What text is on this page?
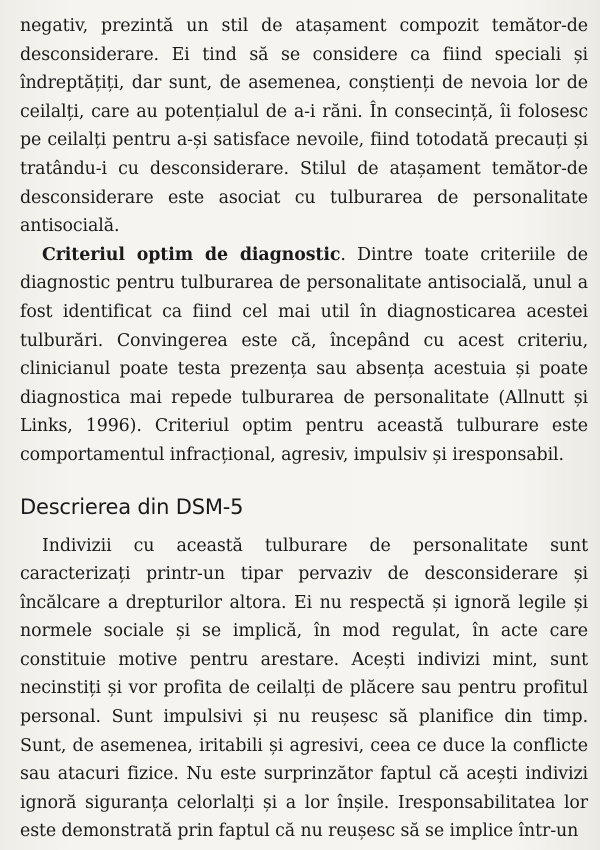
negativ, prezintă un stil de atașament compozit temător-de desconsiderare. Ei tind să se considere ca fiind speciali și îndreptățiți, dar sunt, de asemenea, conștienți de nevoia lor de ceilalți, care au potențialul de a-i răni. În consecință, îi folosesc pe ceilalți pentru a-și satisface nevoile, fiind totodată precauți și tratându-i cu desconsiderare. Stilul de atașament temător-de desconsiderare este asociat cu tulburarea de personalitate antisocială.

Criteriul optim de diagnostic. Dintre toate criteriile de diagnostic pentru tulburarea de personalitate antisocială, unul a fost identificat ca fiind cel mai util în diagnosticarea acestei tulburări. Convingerea este că, începând cu acest criteriu, clinicianul poate testa prezența sau absența acestuia și poate diagnostica mai repede tulburarea de personalitate (Allnutt și Links, 1996). Criteriul optim pentru această tulburare este comportamentul infracțional, agresiv, impulsiv și iresponsabil.

Descrierea din DSM-5

Indivizii cu această tulburare de personalitate sunt caracterizați printr-un tipar pervaziv de desconsiderare și încălcare a drepturilor altora. Ei nu respectă și ignoră legile și normele sociale și se implică, în mod regulat, în acte care constituie motive pentru arestare. Acești indivizi mint, sunt necinstiți și vor profita de ceilalți de plăcere sau pentru profitul personal. Sunt impulsivi și nu reușesc să planifice din timp. Sunt, de asemenea, iritabili și agresivi, ceea ce duce la conflicte sau atacuri fizice. Nu este surprinzător faptul că acești indivizi ignoră siguranța celorlalți și a lor înșile. Iresponsabilitatea lor este demonstrată prin faptul că nu reușesc să se implice într-un
